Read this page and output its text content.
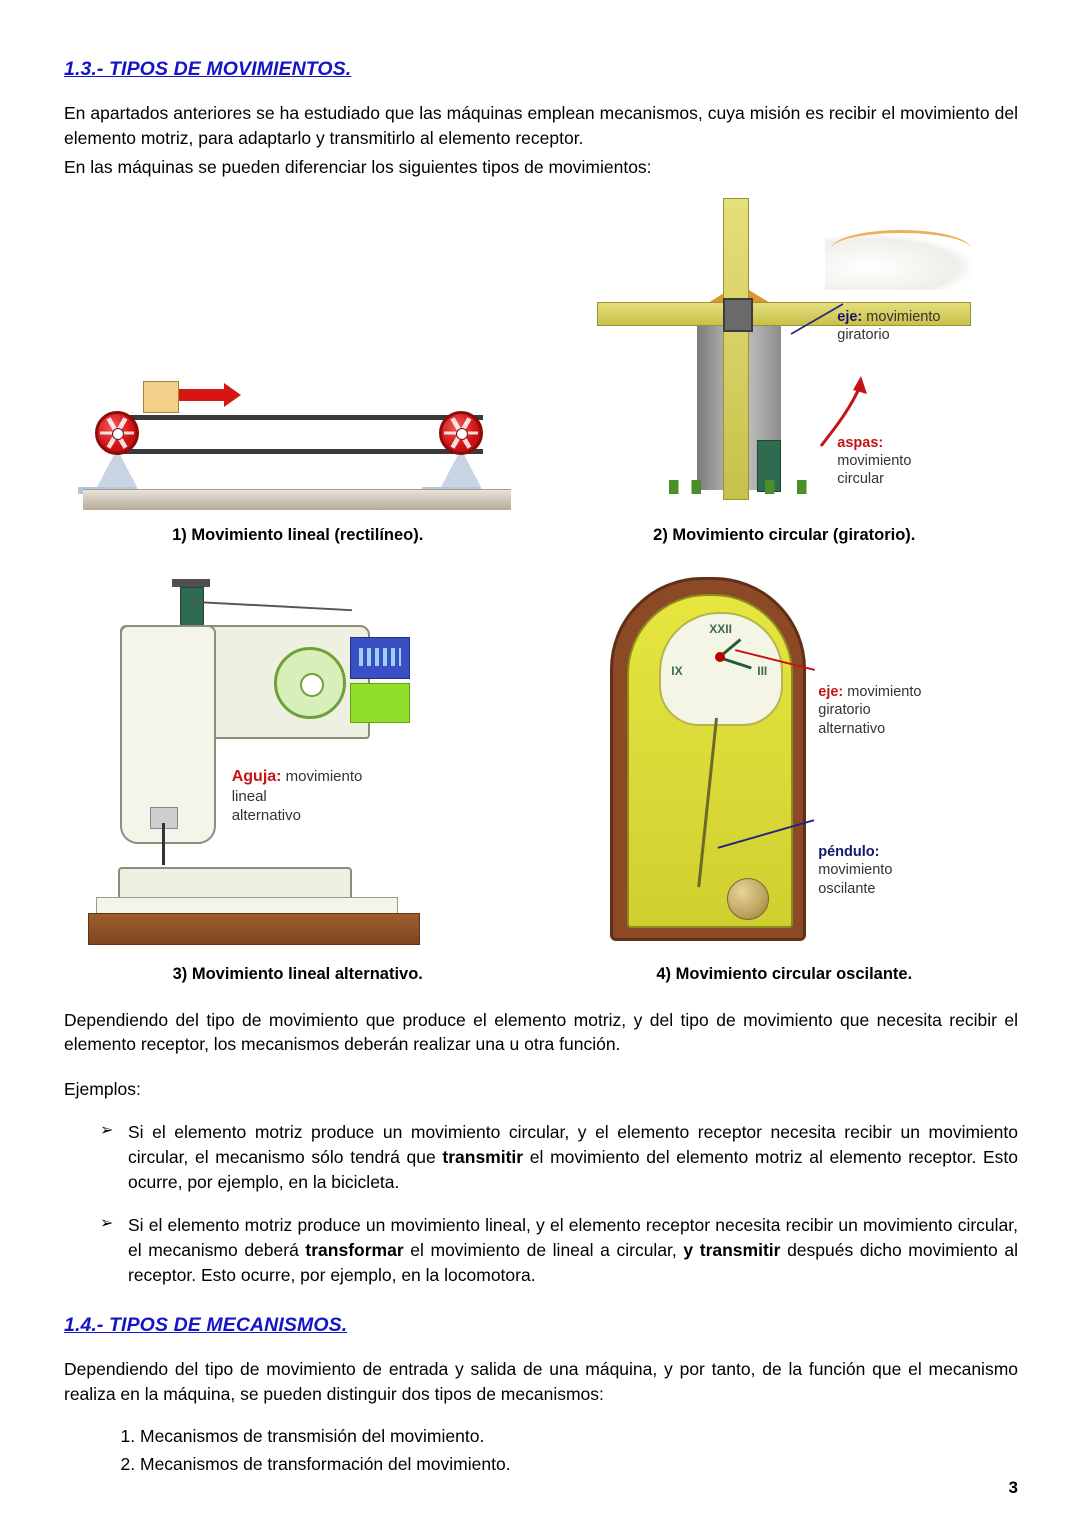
1.3.- TIPOS DE MOVIMIENTOS.

En apartados anteriores se ha estudiado que las máquinas emplean mecanismos, cuya misión es recibir el movimiento del elemento motriz, para adaptarlo y transmitirlo al elemento receptor.

En las máquinas se pueden diferenciar los siguientes tipos de movimientos:

1) Movimiento lineal (rectilíneo).
eje: movimiento
giratorio
aspas:
movimiento
circular
2) Movimiento circular (giratorio).
Aguja: movimiento
lineal
alternativo
3) Movimiento lineal alternativo.
XXII
IX	III
eje: movimiento
giratorio
alternativo
péndulo:
movimiento
oscilante
4) Movimiento circular oscilante.

Dependiendo del tipo de movimiento que produce el elemento motriz, y del tipo de movimiento que necesita recibir el elemento receptor, los mecanismos deberán realizar una u otra función.

Ejemplos:

➢ Si el elemento motriz produce un movimiento circular, y el elemento receptor necesita recibir un movimiento circular, el mecanismo sólo tendrá que transmitir el movimiento del elemento motriz al elemento receptor. Esto ocurre, por ejemplo, en la bicicleta.
➢ Si el elemento motriz produce un movimiento lineal, y el elemento receptor necesita recibir un movimiento circular, el mecanismo deberá transformar el movimiento de lineal a circular, y transmitir después dicho movimiento al receptor. Esto ocurre, por ejemplo, en la locomotora.
1.4.- TIPOS DE MECANISMOS.

Dependiendo del tipo de movimiento de entrada y salida de una máquina, y por tanto, de la función que el mecanismo realiza en la máquina, se pueden distinguir dos tipos de mecanismos:

1. Mecanismos de transmisión del movimiento.
2. Mecanismos de transformación del movimiento.
3
